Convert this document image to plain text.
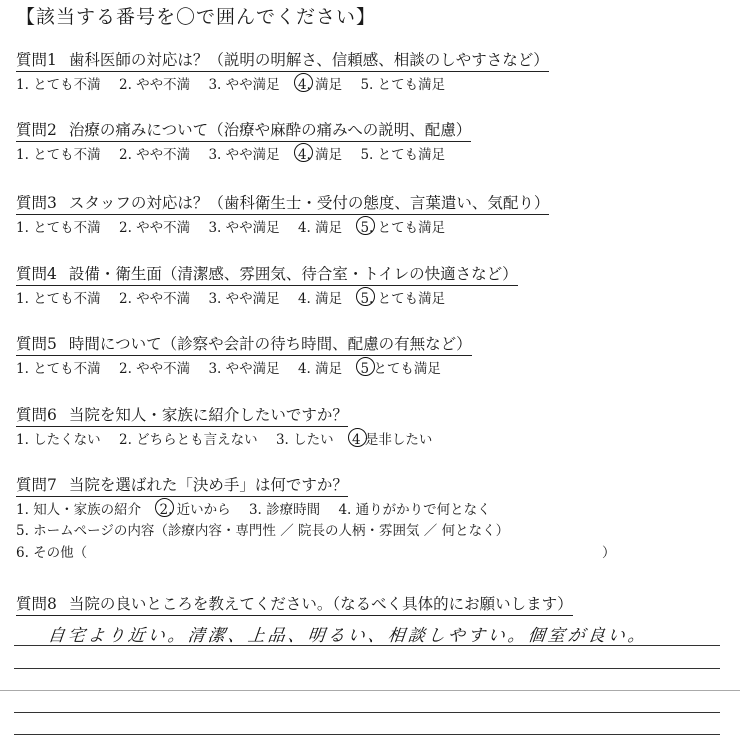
【該当する番号を〇で囲んでください】
質問1 歯科医師の対応は？（説明の明解さ、信頼感、相談のしやすさなど）
1. とても不満 2. やや不満 3. やや満足 4. 満足 5. とても満足
質問2 治療の痛みについて（治療や麻酔の痛みへの説明、配慮）
1. とても不満 2. やや不満 3. やや満足 4. 満足 5. とても満足
質問3 スタッフの対応は？（歯科衛生士・受付の態度、言葉遣い、気配り）
1. とても不満 2. やや不満 3. やや満足 4. 満足 5. とても満足
質問4 設備・衛生面（清潔感、雰囲気、待合室・トイレの快適さなど）
1. とても不満 2. やや不満 3. やや満足 4. 満足 5. とても満足
質問5 時間について（診察や会計の待ち時間、配慮の有無など）
1. とても不満 2. やや不満 3. やや満足 4. 満足 5 とても満足
質問6 当院を知人・家族に紹介したいですか？
1. したくない 2. どちらとも言えない 3. したい 4 是非したい
質問7 当院を選ばれた「決め手」は何ですか？
1. 知人・家族の紹介 2. 近いから 3. 診療時間 4. 通りがかりで何となく
5. ホームページの内容（診療内容・専門性 ／ 院長の人柄・雰囲気 ／ 何となく）
6. その他（	）
質問8 当院の良いところを教えてください。（なるべく具体的にお願いします）
自宅より近い。清潔、上品、明るい、相談しやすい。個室が良い。
